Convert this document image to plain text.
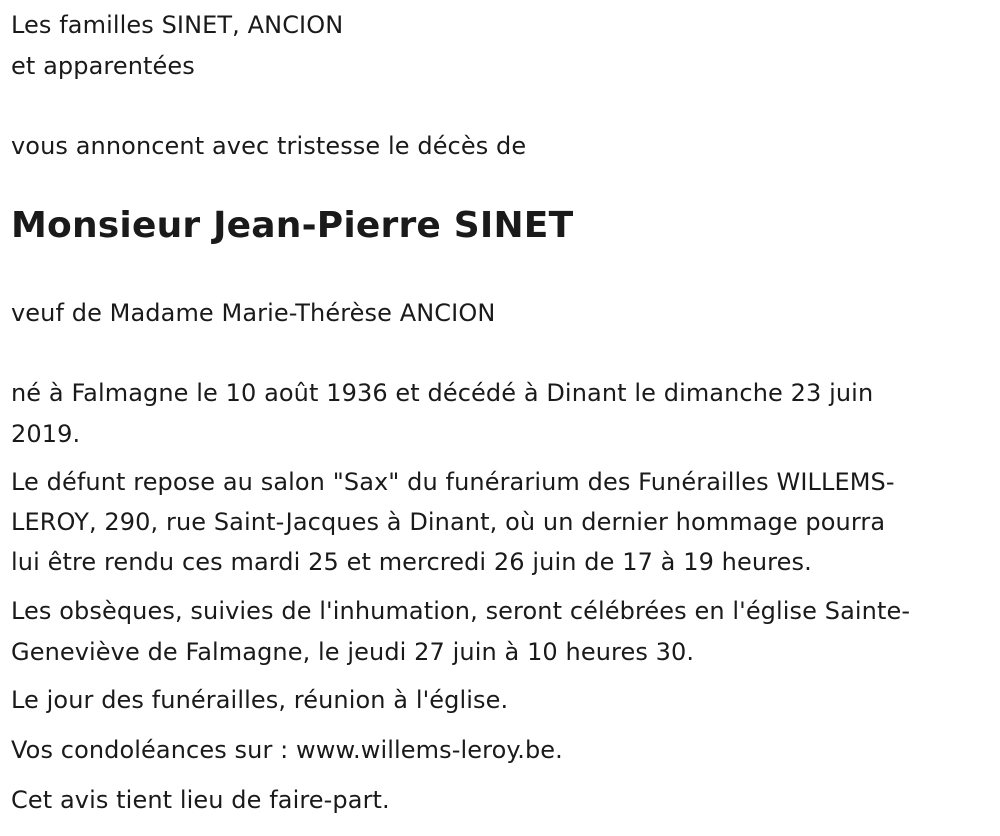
Les familles SINET, ANCION
et apparentées
vous annoncent avec tristesse le décès de
Monsieur Jean-Pierre SINET
veuf de Madame Marie-Thérèse ANCION
né à Falmagne le 10 août 1936 et décédé à Dinant le dimanche 23 juin
2019.
Le défunt repose au salon "Sax" du funérarium des Funérailles WILLEMS-
LEROY, 290, rue Saint-Jacques à Dinant, où un dernier hommage pourra
lui être rendu ces mardi 25 et mercredi 26 juin de 17 à 19 heures.
Les obsèques, suivies de l'inhumation, seront célébrées en l'église Sainte-
Geneviève de Falmagne, le jeudi 27 juin à 10 heures 30.
Le jour des funérailles, réunion à l'église.
Vos condoléances sur : www.willems-leroy.be.
Cet avis tient lieu de faire-part.
